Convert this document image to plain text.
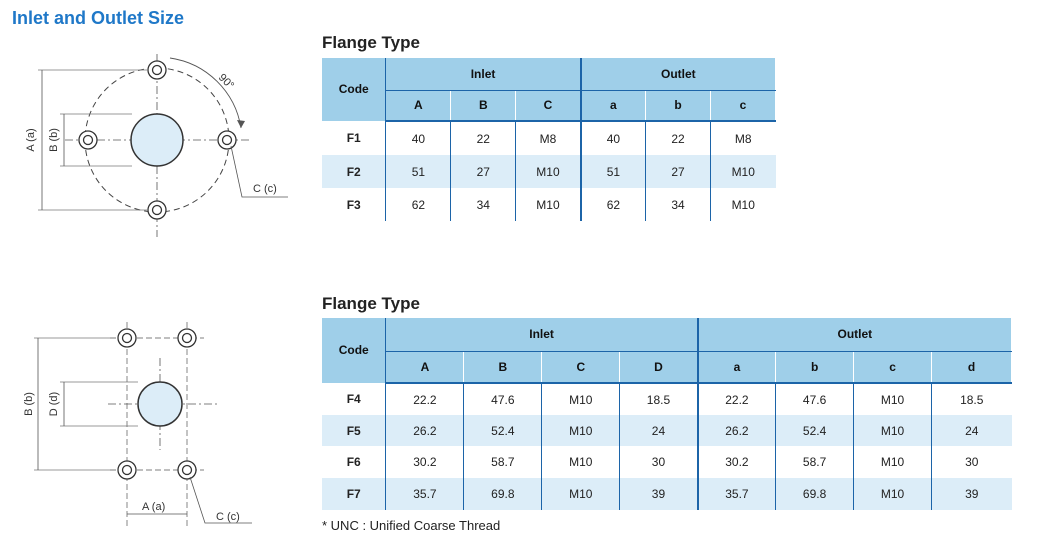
Inlet and Outlet Size
90°
A (a) B (b)
C (c)
B (b) D (d)
A (a)
C (c)
Flange Type
Code	Inlet			Outlet		
	A	B	C	a	b	c
F1	40	22	M8	40	22	M8
F2	51	27	M10	51	27	M10
F3	62	34	M10	62	34	M10
Flange Type
Code	Inlet				Outlet			
	A	B	C	D	a	b	c	d
F4	22.2	47.6	M10	18.5	22.2	47.6	M10	18.5
F5	26.2	52.4	M10	24	26.2	52.4	M10	24
F6	30.2	58.7	M10	30	30.2	58.7	M10	30
F7	35.7	69.8	M10	39	35.7	69.8	M10	39
* UNC : Unified Coarse Thread
